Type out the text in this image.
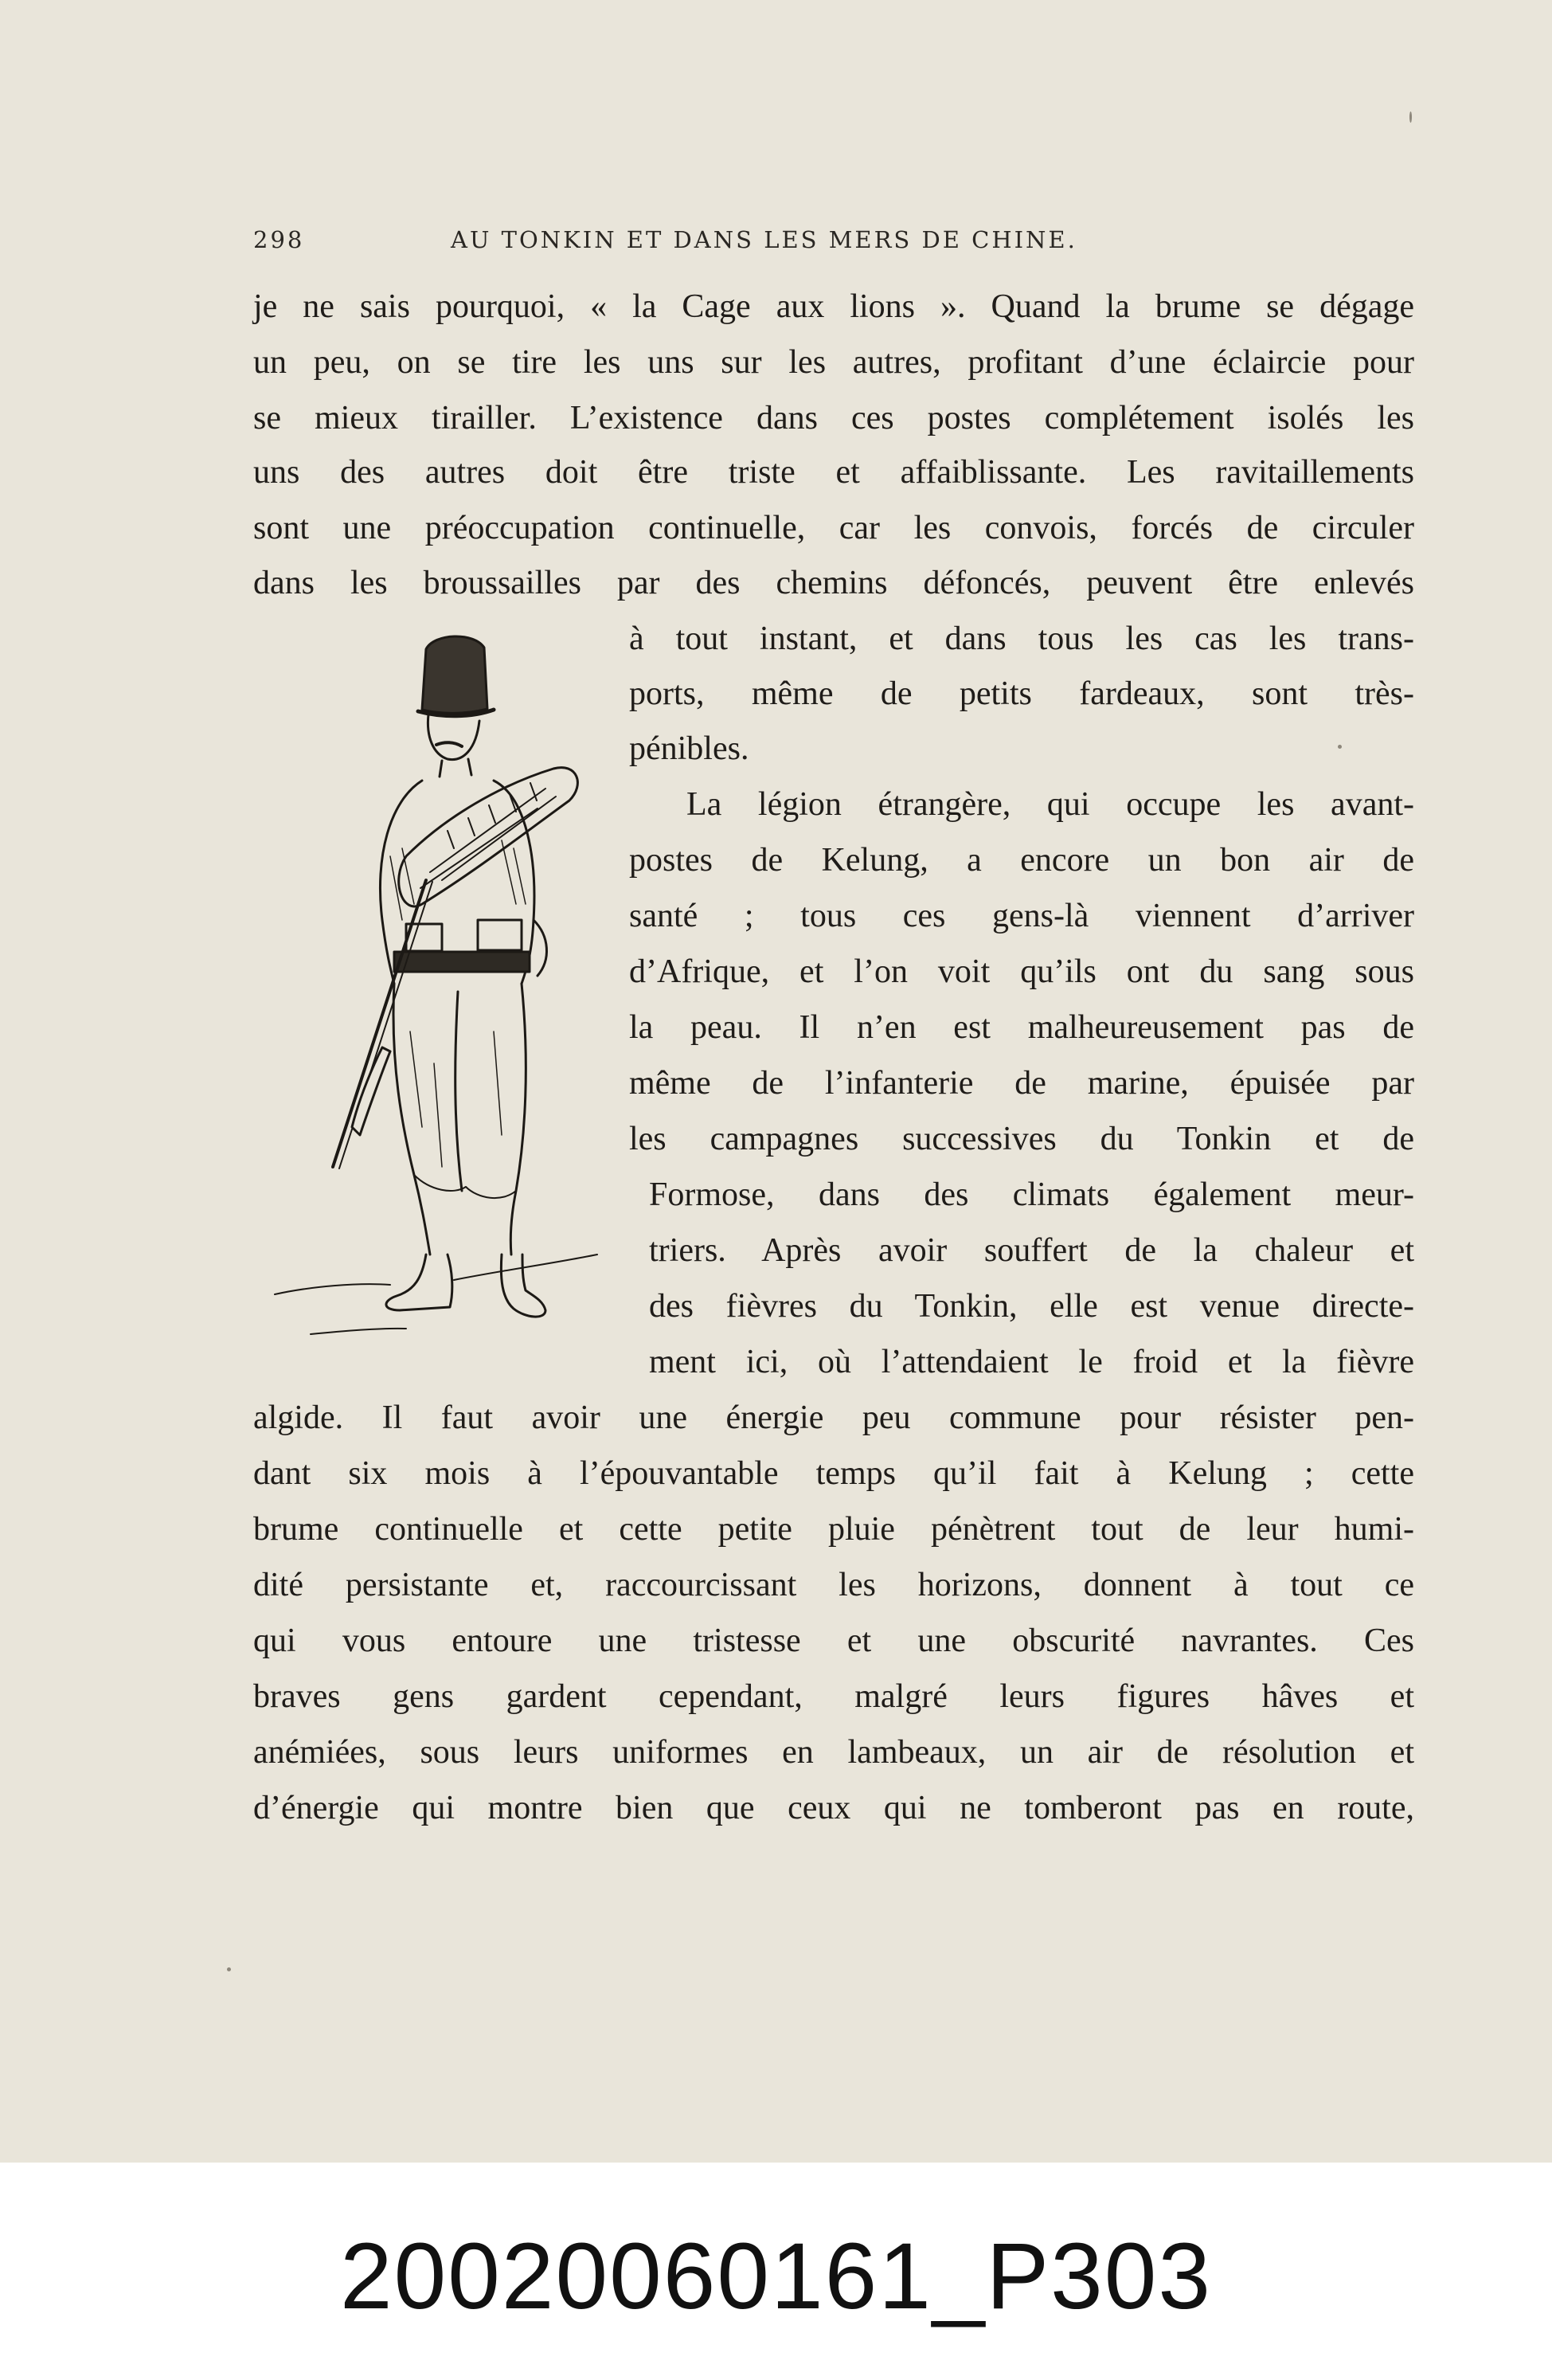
298	AU TONKIN ET DANS LES MERS DE CHINE.
je ne sais pourquoi, « la Cage aux lions ». Quand la brume se dégage
un peu, on se tire les uns sur les autres, profitant d’une éclaircie pour
se mieux tirailler. L’existence dans ces postes complétement isolés les
uns des autres doit être triste et affaiblissante. Les ravitaillements
sont une préoccupation continuelle, car les convois, forcés de circuler
dans les broussailles par des chemins défoncés, peuvent être enlevés
à tout instant, et dans tous les cas les trans-
ports, même de petits fardeaux, sont très-
pénibles.
La légion étrangère, qui occupe les avant-
postes de Kelung, a encore un bon air de
santé ; tous ces gens-là viennent d’arriver
d’Afrique, et l’on voit qu’ils ont du sang sous
la peau. Il n’en est malheureusement pas de
même de l’infanterie de marine, épuisée par
les campagnes successives du Tonkin et de
Formose, dans des climats également meur-
triers. Après avoir souffert de la chaleur et
des fièvres du Tonkin, elle est venue directe-
ment ici, où l’attendaient le froid et la fièvre
algide. Il faut avoir une énergie peu commune pour résister pen-
dant six mois à l’épouvantable temps qu’il fait à Kelung ; cette
brume continuelle et cette petite pluie pénètrent tout de leur humi-
dité persistante et, raccourcissant les horizons, donnent à tout ce
qui vous entoure une tristesse et une obscurité navrantes. Ces
braves gens gardent cependant, malgré leurs figures hâves et
anémiées, sous leurs uniformes en lambeaux, un air de résolution et
d’énergie qui montre bien que ceux qui ne tomberont pas en route,
20020060161_P303
